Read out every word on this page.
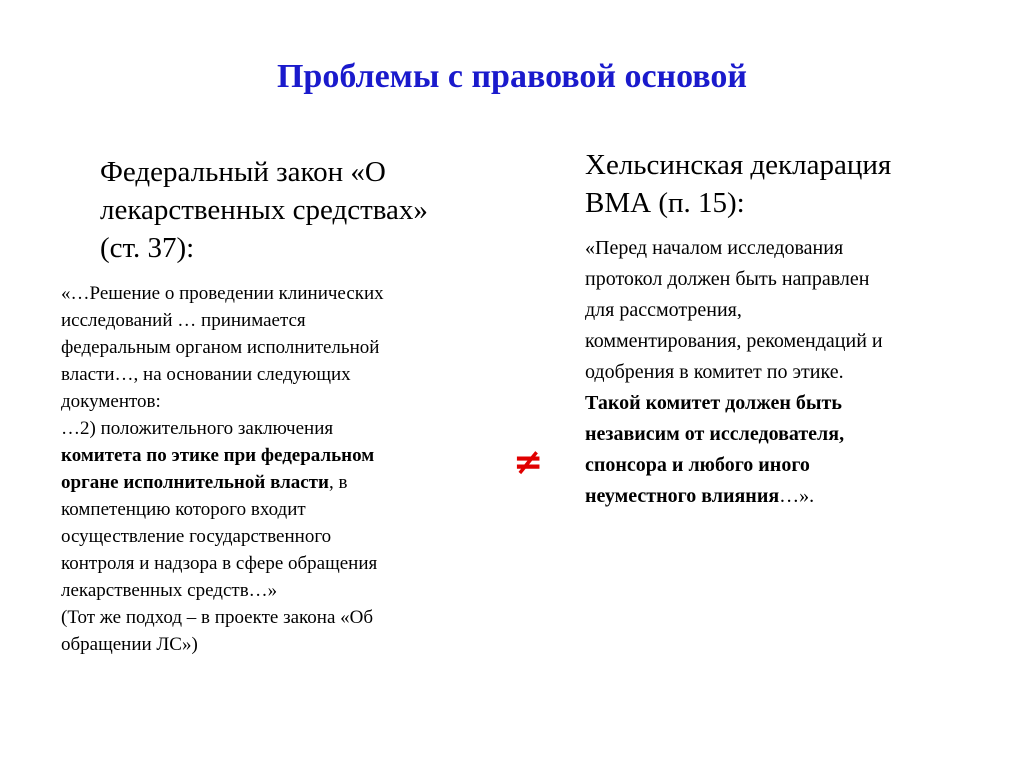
Проблемы с правовой основой
Федеральный закон «О
лекарственных средствах»
(ст. 37):

«…Решение о проведении клинических
исследований … принимается
федеральным органом исполнительной
власти…, на основании следующих
документов:
…2) положительного заключения
комитета по этике при федеральном
органе исполнительной власти, в
компетенцию которого входит
осуществление государственного
контроля и надзора в сфере обращения
лекарственных средств…»

(Тот же подход – в проекте закона «Об
обращении ЛС»)

≠
Хельсинская декларация
ВМА (п. 15):
«Перед началом исследования
протокол должен быть направлен
для рассмотрения,
комментирования, рекомендаций и
одобрения в комитет по этике.
Такой комитет должен быть
независим от исследователя,
спонсора и любого иного
неуместного влияния…».
